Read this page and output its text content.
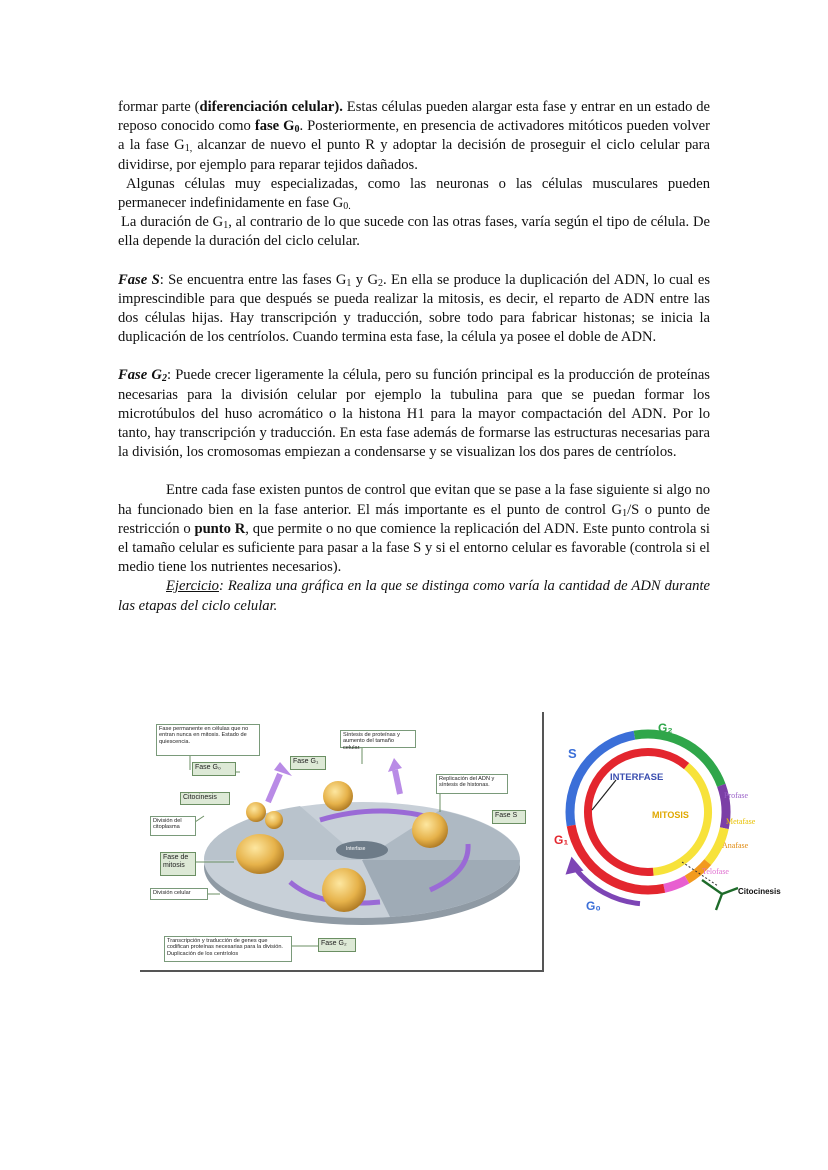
formar parte (diferenciación celular). Estas células pueden alargar esta fase y entrar en un estado de reposo conocido como fase $G_0$. Posteriormente, en presencia de activadores mitóticos pueden volver a la fase $G_{1,}$ alcanzar de nuevo el punto R y adoptar la decisión de proseguir el ciclo celular para dividirse, por ejemplo para reparar tejidos dañados.

Algunas células muy especializadas, como las neuronas o las células musculares pueden permanecer indefinidamente en fase $G_{0.}$

La duración de $G_1$, al contrario de lo que sucede con las otras fases, varía según el tipo de célula. De ella depende la duración del ciclo celular.

Fase S: Se encuentra entre las fases $G_1$ y $G_2$. En ella se produce la duplicación del ADN, lo cual es imprescindible para que después se pueda realizar la mitosis, es decir, el reparto de ADN entre las dos células hijas. Hay transcripción y traducción, sobre todo para fabricar histonas; se inicia la duplicación de los centríolos. Cuando termina esta fase, la célula ya posee el doble de ADN.

Fase $G_2$: Puede crecer ligeramente la célula, pero su función principal es la producción de proteínas necesarias para la división celular por ejemplo la tubulina para que se puedan formar los microtúbulos del huso acromático o la histona H1 para la mayor compactación del ADN. Por lo tanto, hay transcripción y traducción. En esta fase además de formarse las estructuras necesarias para la división, los cromosomas empiezan a condensarse y se visualizan los dos pares de centríolos.

Entre cada fase existen puntos de control que evitan que se pase a la fase siguiente si algo no ha funcionado bien en la fase anterior. El más importante es el punto de control $G_1/S$ o punto de restricción o punto R, que permite o no que comience la replicación del ADN. Este punto controla si el tamaño celular es suficiente para pasar a la fase S y si el entorno celular es favorable (controla si el medio tiene los nutrientes necesarios).

Ejercicio: Realiza una gráfica en la que se distinga como varía la cantidad de ADN durante las etapas del ciclo celular.

Fase permanente en células que no entran nunca en mitosis. Estado de quiescencia.
Fase G₀
Citocinesis
División del citoplasma
Fase de mitosis
División celular
Síntesis de proteínas y aumento del tamaño celular.
Fase G₁
Replicación del ADN y síntesis de histonas.
Fase S
Interfase
Transcripción y traducción de genes que codifican proteínas necesarias para la división. Duplicación de los centríolos
Fase G₂
G₂
S
G₁
G₀
INTERFASE
MITOSIS
Profase
Metafase
Anafase
Telofase
Citocinesis
